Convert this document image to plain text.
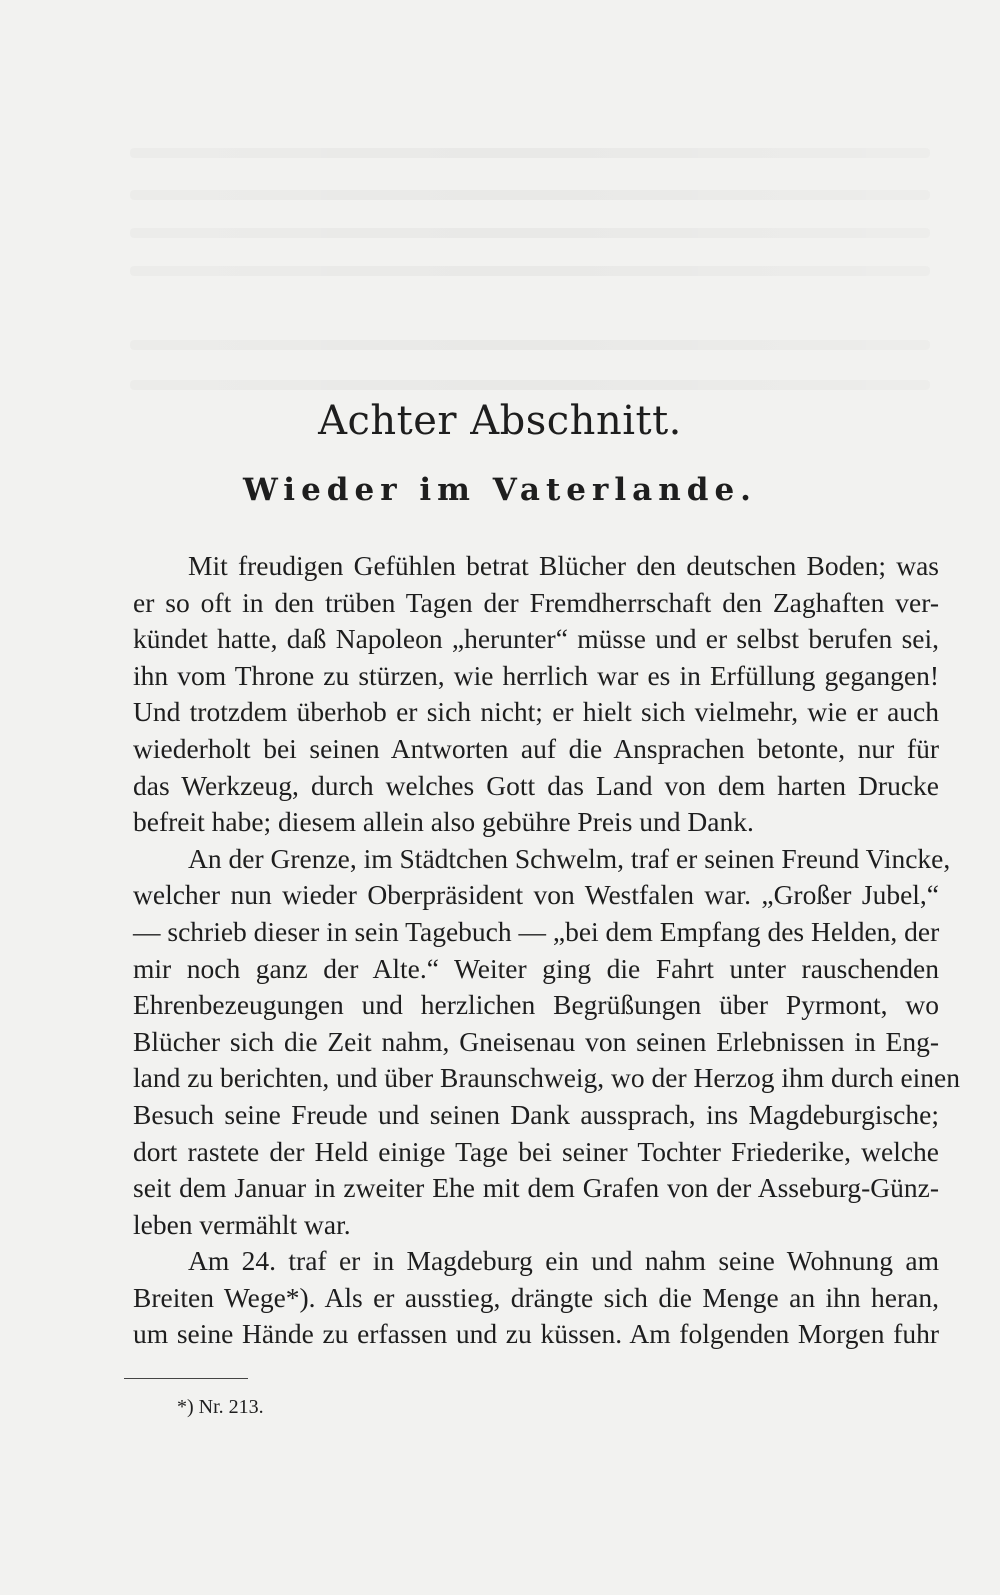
Achter Abschnitt.
Wieder im Vaterlande.
Mit freudigen Gefühlen betrat Blücher den deutschen Boden; was
er so oft in den trüben Tagen der Fremdherrschaft den Zaghaften ver-
kündet hatte, daß Napoleon „herunter“ müsse und er selbst berufen sei,
ihn vom Throne zu stürzen, wie herrlich war es in Erfüllung gegangen!
Und trotzdem überhob er sich nicht; er hielt sich vielmehr, wie er auch
wiederholt bei seinen Antworten auf die Ansprachen betonte, nur für
das Werkzeug, durch welches Gott das Land von dem harten Drucke
befreit habe; diesem allein also gebühre Preis und Dank.
An der Grenze, im Städtchen Schwelm, traf er seinen Freund Vincke,
welcher nun wieder Oberpräsident von Westfalen war. „Großer Jubel,“
— schrieb dieser in sein Tagebuch — „bei dem Empfang des Helden, der
mir noch ganz der Alte.“ Weiter ging die Fahrt unter rauschenden
Ehrenbezeugungen und herzlichen Begrüßungen über Pyrmont, wo
Blücher sich die Zeit nahm, Gneisenau von seinen Erlebnissen in Eng-
land zu berichten, und über Braunschweig, wo der Herzog ihm durch einen
Besuch seine Freude und seinen Dank aussprach, ins Magdeburgische;
dort rastete der Held einige Tage bei seiner Tochter Friederike, welche
seit dem Januar in zweiter Ehe mit dem Grafen von der Asseburg-Günz-
leben vermählt war.
Am 24. traf er in Magdeburg ein und nahm seine Wohnung am
Breiten Wege*). Als er ausstieg, drängte sich die Menge an ihn heran,
um seine Hände zu erfassen und zu küssen. Am folgenden Morgen fuhr
*) Nr. 213.
